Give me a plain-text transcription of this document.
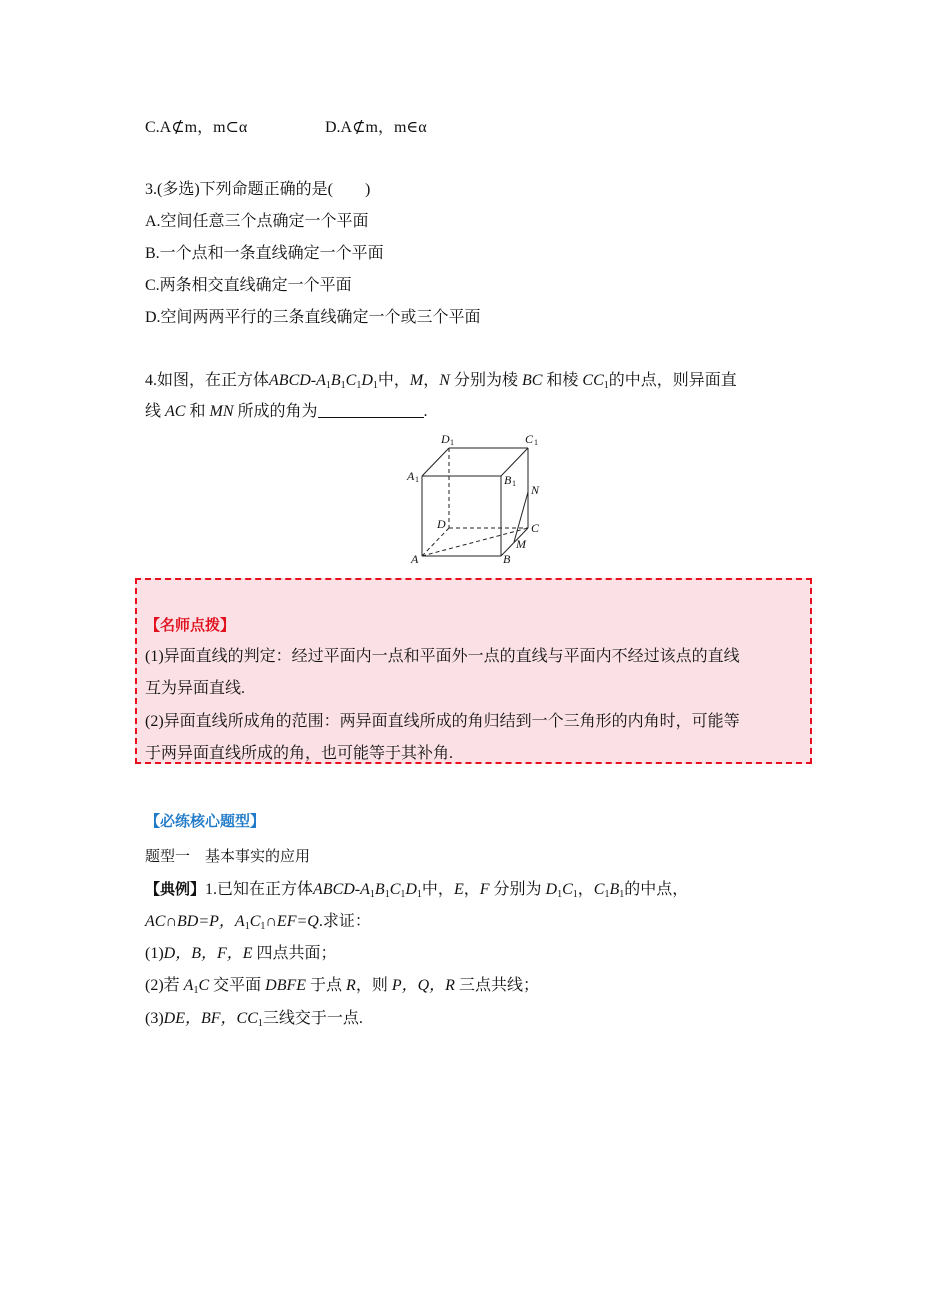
C.A⊄m，m⊂α	D.A⊄m，m∈α
3.(多选)下列命题正确的是(　　)
A.空间任意三个点确定一个平面
B.一个点和一条直线确定一个平面
C.两条相交直线确定一个平面
D.空间两两平行的三条直线确定一个或三个平面
4.如图，在正方体ABCD-$A_1B_1C_1D_1$中，M，N 分别为棱 BC 和棱 $CC_1$的中点，则异面直
线 AC 和 MN 所成的角为	.
D 1	C 1
A 1	B 1 N
D	C
M
A	B
【名师点拨】
(1)异面直线的判定：经过平面内一点和平面外一点的直线与平面内不经过该点的直线
互为异面直线.
(2)异面直线所成角的范围：两异面直线所成的角归结到一个三角形的内角时，可能等
于两异面直线所成的角，也可能等于其补角.
【必练核心题型】
题型一　基本事实的应用
【典例】1.已知在正方体ABCD-$A_1B_1C_1D_1$中，E，F 分别为 $D_1C_1$，$C_1B_1$的中点，
AC∩BD=P，$A_1C_1\cap EF=Q$.求证：
(1)D，B，F，E 四点共面；
(2)若 $A_1C$ 交平面 DBFE 于点 R，则 P，Q，R 三点共线；
(3)DE，BF，$CC_1$三线交于一点.
